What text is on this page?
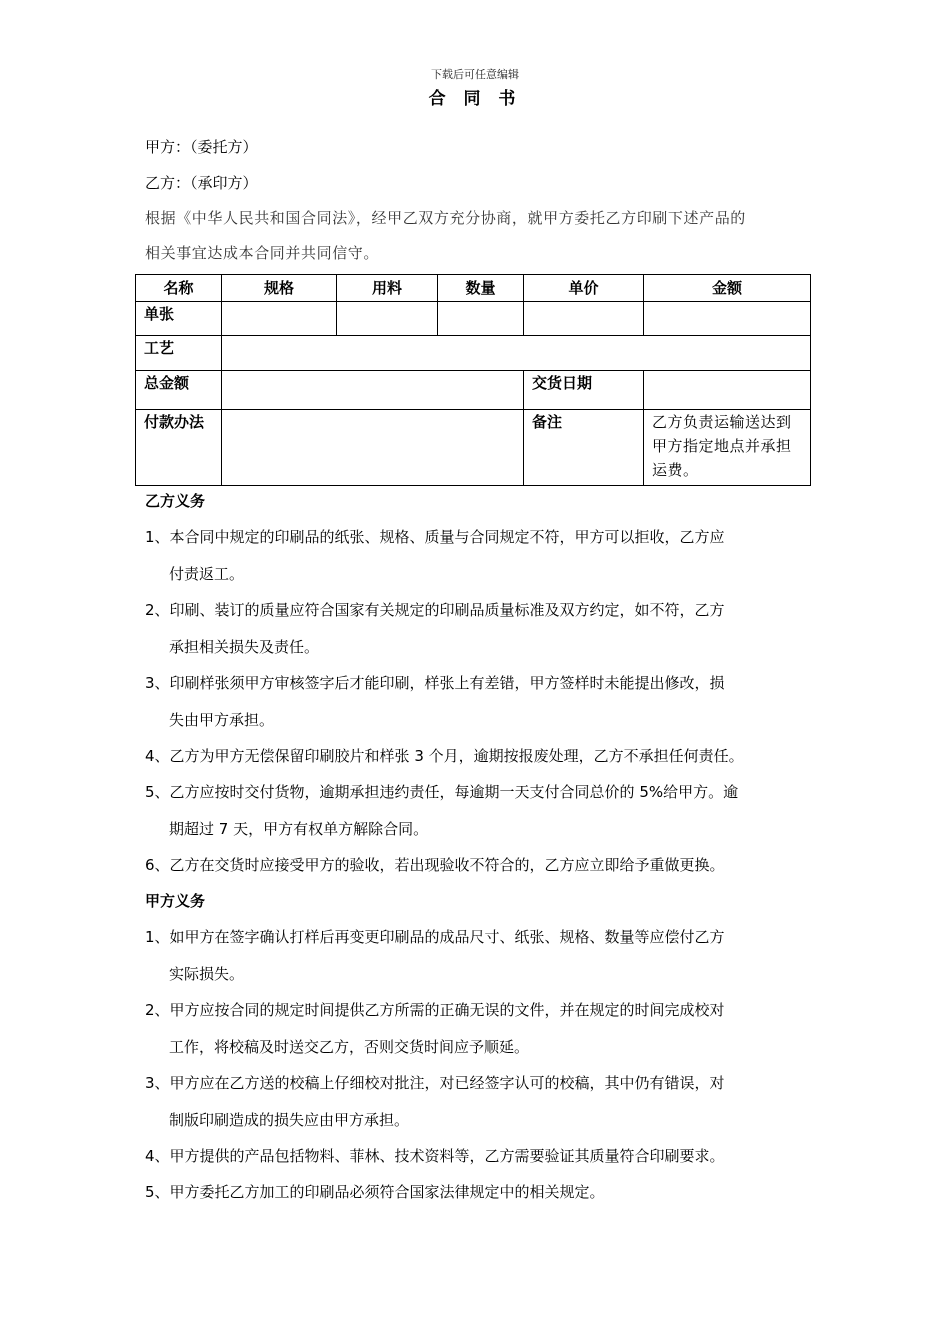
下载后可任意编辑
合 同 书
甲方：（委托方）
乙方：（承印方）
根据《中华人民共和国合同法》，经甲乙双方充分协商，就甲方委托乙方印刷下述产品的
相关事宜达成本合同并共同信守。
名称	规格	用料	数量	单价	金额
单张					
工艺					
总金额				交货日期	
付款办法				备注	乙方负责运输送达到甲方指定地点并承担运费。
乙方义务
1、本合同中规定的印刷品的纸张、规格、质量与合同规定不符，甲方可以拒收，乙方应
付责返工。
2、印刷、装订的质量应符合国家有关规定的印刷品质量标准及双方约定，如不符，乙方
承担相关损失及责任。
3、印刷样张须甲方审核签字后才能印刷，样张上有差错，甲方签样时未能提出修改，损
失由甲方承担。
4、乙方为甲方无偿保留印刷胶片和样张 3 个月，逾期按报废处理，乙方不承担任何责任。
5、乙方应按时交付货物，逾期承担违约责任，每逾期一天支付合同总价的 5%给甲方。逾
期超过 7 天，甲方有权单方解除合同。
6、乙方在交货时应接受甲方的验收，若出现验收不符合的，乙方应立即给予重做更换。
甲方义务
1、如甲方在签字确认打样后再变更印刷品的成品尺寸、纸张、规格、数量等应偿付乙方
实际损失。
2、甲方应按合同的规定时间提供乙方所需的正确无误的文件，并在规定的时间完成校对
工作，将校稿及时送交乙方，否则交货时间应予顺延。
3、甲方应在乙方送的校稿上仔细校对批注，对已经签字认可的校稿，其中仍有错误，对
制版印刷造成的损失应由甲方承担。
4、甲方提供的产品包括物料、菲林、技术资料等，乙方需要验证其质量符合印刷要求。
5、甲方委托乙方加工的印刷品必须符合国家法律规定中的相关规定。
